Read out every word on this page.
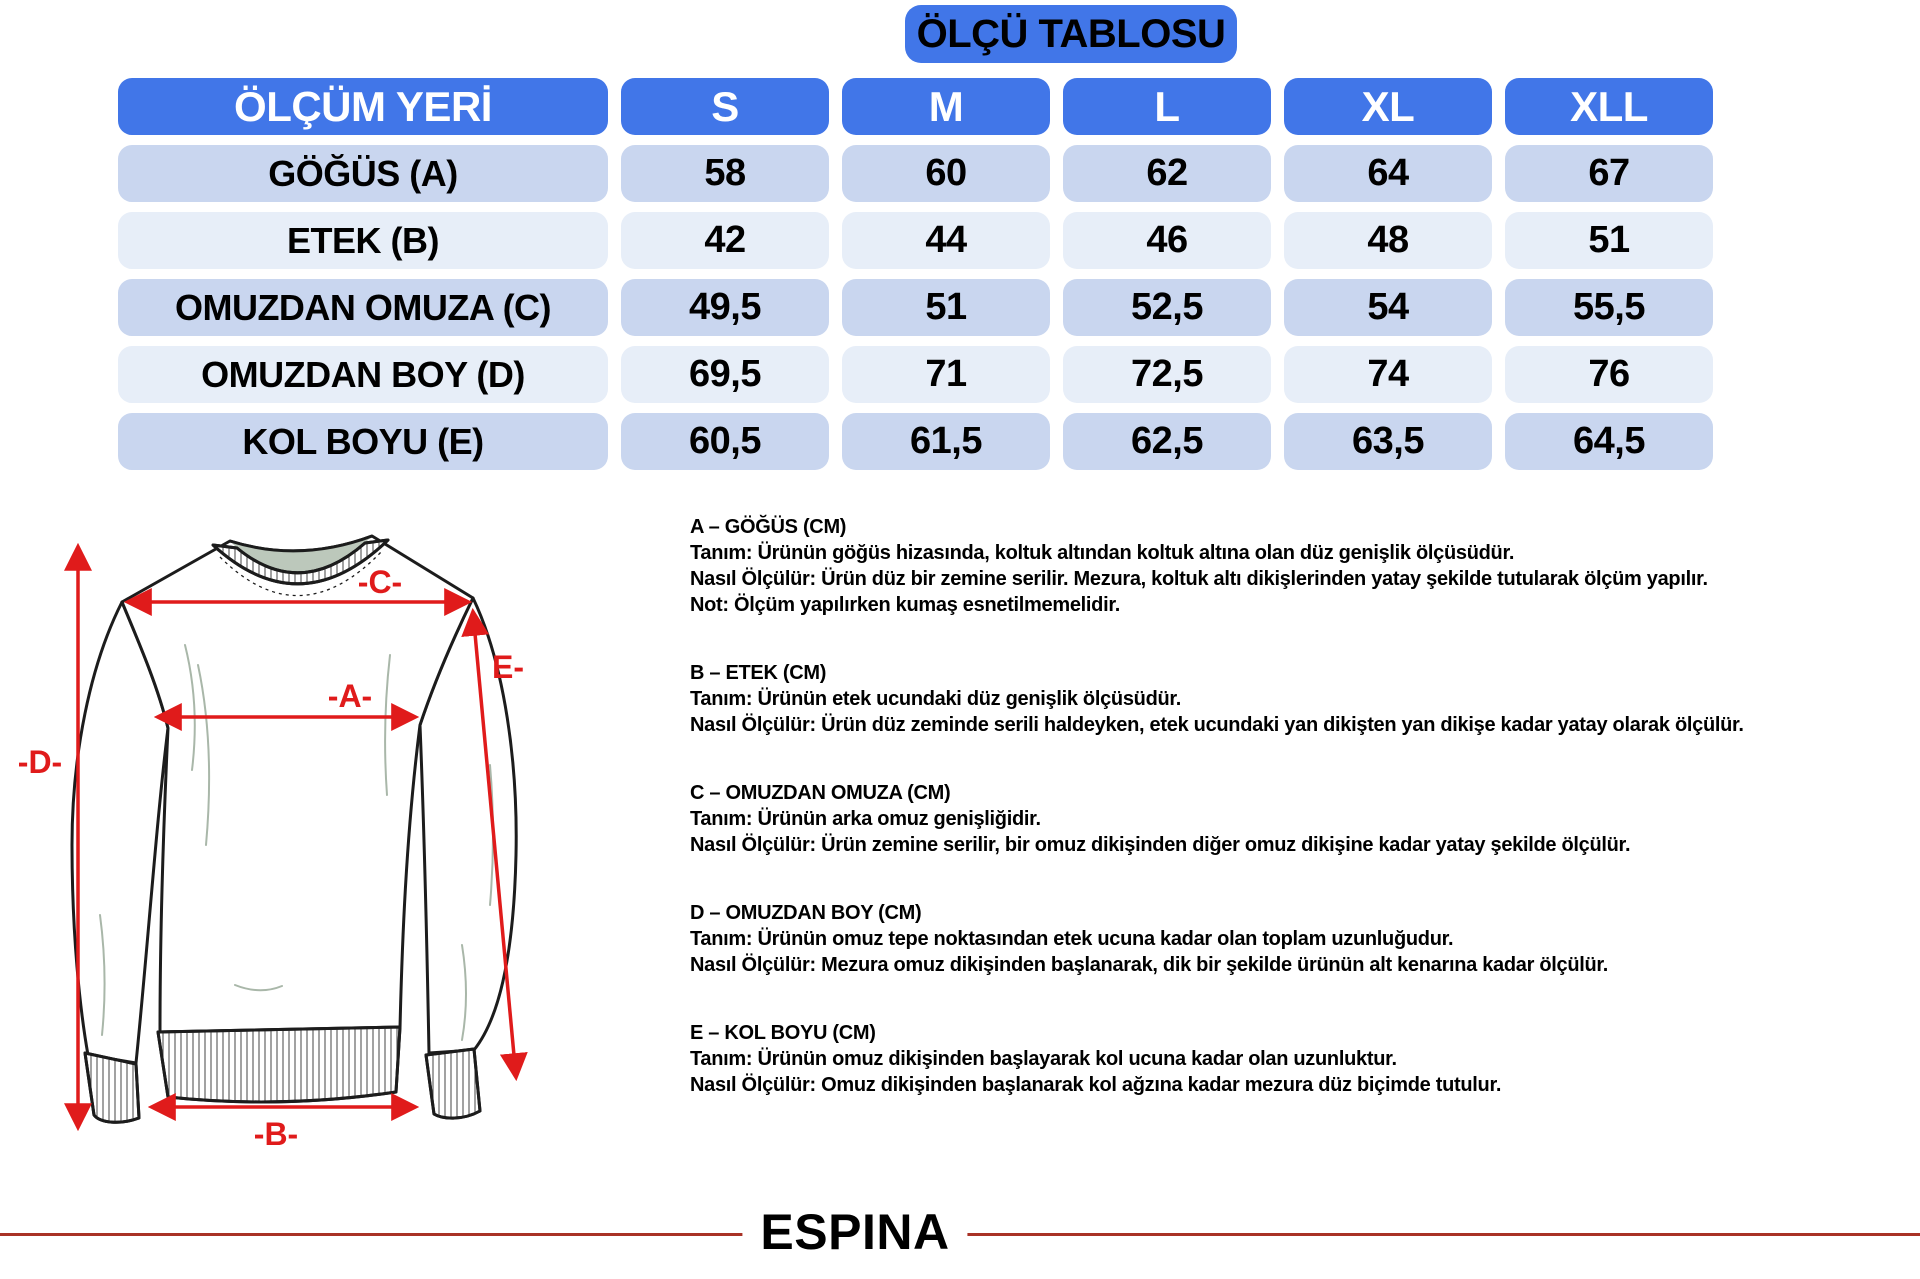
ÖLÇÜ TABLOSU
ÖLÇÜM YERİ	S	M	L	XL	XLL
GÖĞÜS (A)	58	60	62	64	67
ETEK (B)	42	44	46	48	51
OMUZDAN OMUZA (C)	49,5	51	52,5	54	55,5
OMUZDAN BOY (D)	69,5	71	72,5	74	76
KOL BOYU (E)	60,5	61,5	62,5	63,5	64,5
-C-
-A-
-D-
E-
-B-
A – GÖĞÜS (CM)
Tanım: Ürünün göğüs hizasında, koltuk altından koltuk altına olan düz genişlik ölçüsüdür.
Nasıl Ölçülür: Ürün düz bir zemine serilir. Mezura, koltuk altı dikişlerinden yatay şekilde tutularak ölçüm yapılır.
Not: Ölçüm yapılırken kumaş esnetilmemelidir.
B – ETEK (CM)
Tanım: Ürünün etek ucundaki düz genişlik ölçüsüdür.
Nasıl Ölçülür: Ürün düz zeminde serili haldeyken, etek ucundaki yan dikişten yan dikişe kadar yatay olarak ölçülür.
C – OMUZDAN OMUZA (CM)
Tanım: Ürünün arka omuz genişliğidir.
Nasıl Ölçülür: Ürün zemine serilir, bir omuz dikişinden diğer omuz dikişine kadar yatay şekilde ölçülür.
D – OMUZDAN BOY (CM)
Tanım: Ürünün omuz tepe noktasından etek ucuna kadar olan toplam uzunluğudur.
Nasıl Ölçülür: Mezura omuz dikişinden başlanarak, dik bir şekilde ürünün alt kenarına kadar ölçülür.
E – KOL BOYU (CM)
Tanım: Ürünün omuz dikişinden başlayarak kol ucuna kadar olan uzunluktur.
Nasıl Ölçülür: Omuz dikişinden başlanarak kol ağzına kadar mezura düz biçimde tutulur.
ESPINA
